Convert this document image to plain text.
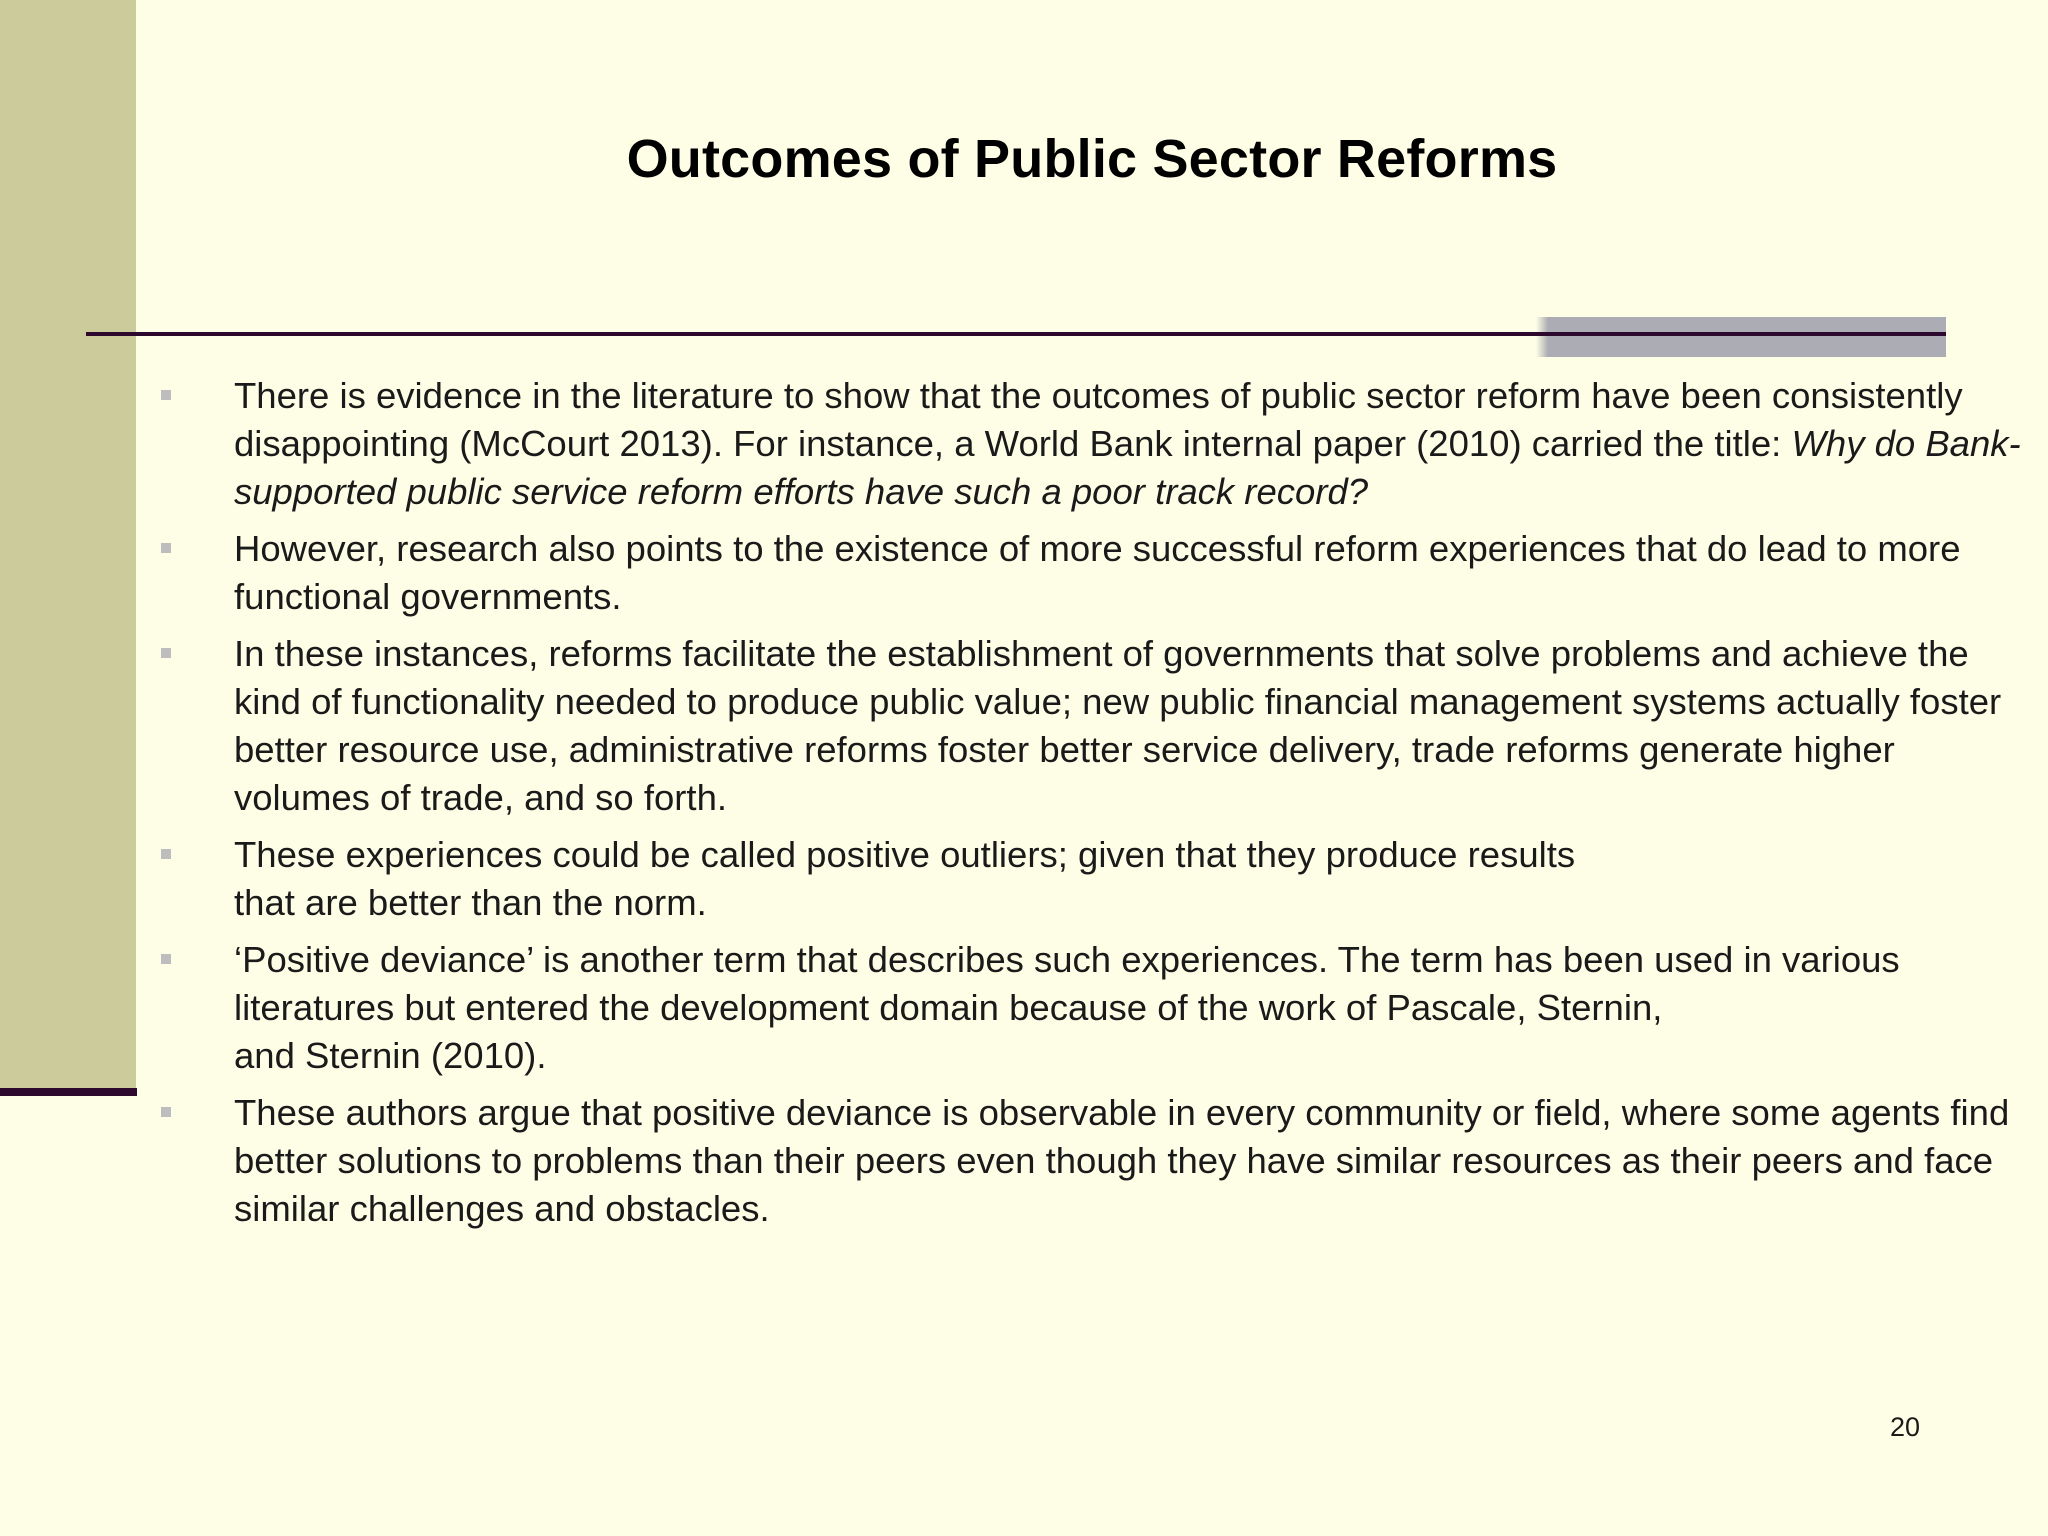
Outcomes of Public Sector Reforms
There is evidence in the literature to show that the outcomes of public sector reform have been consistently disappointing (McCourt 2013). For instance, a World Bank internal paper (2010) carried the title: Why do Bank-supported public service reform efforts have such a poor track record?
However, research also points to the existence of more successful reform experiences that do lead to more functional governments.
In these instances, reforms facilitate the establishment of governments that solve problems and achieve the kind of functionality needed to produce public value; new public financial management systems actually foster better resource use, administrative reforms foster better service delivery, trade reforms generate higher volumes of trade, and so forth.
These experiences could be called positive outliers; given that they produce results
that are better than the norm.
‘Positive deviance’ is another term that describes such experiences. The term has been used in various literatures but entered the development domain because of the work of Pascale, Sternin,
and Sternin (2010).
These authors argue that positive deviance is observable in every community or field, where some agents find better solutions to problems than their peers even though they have similar resources as their peers and face similar challenges and obstacles.
20
